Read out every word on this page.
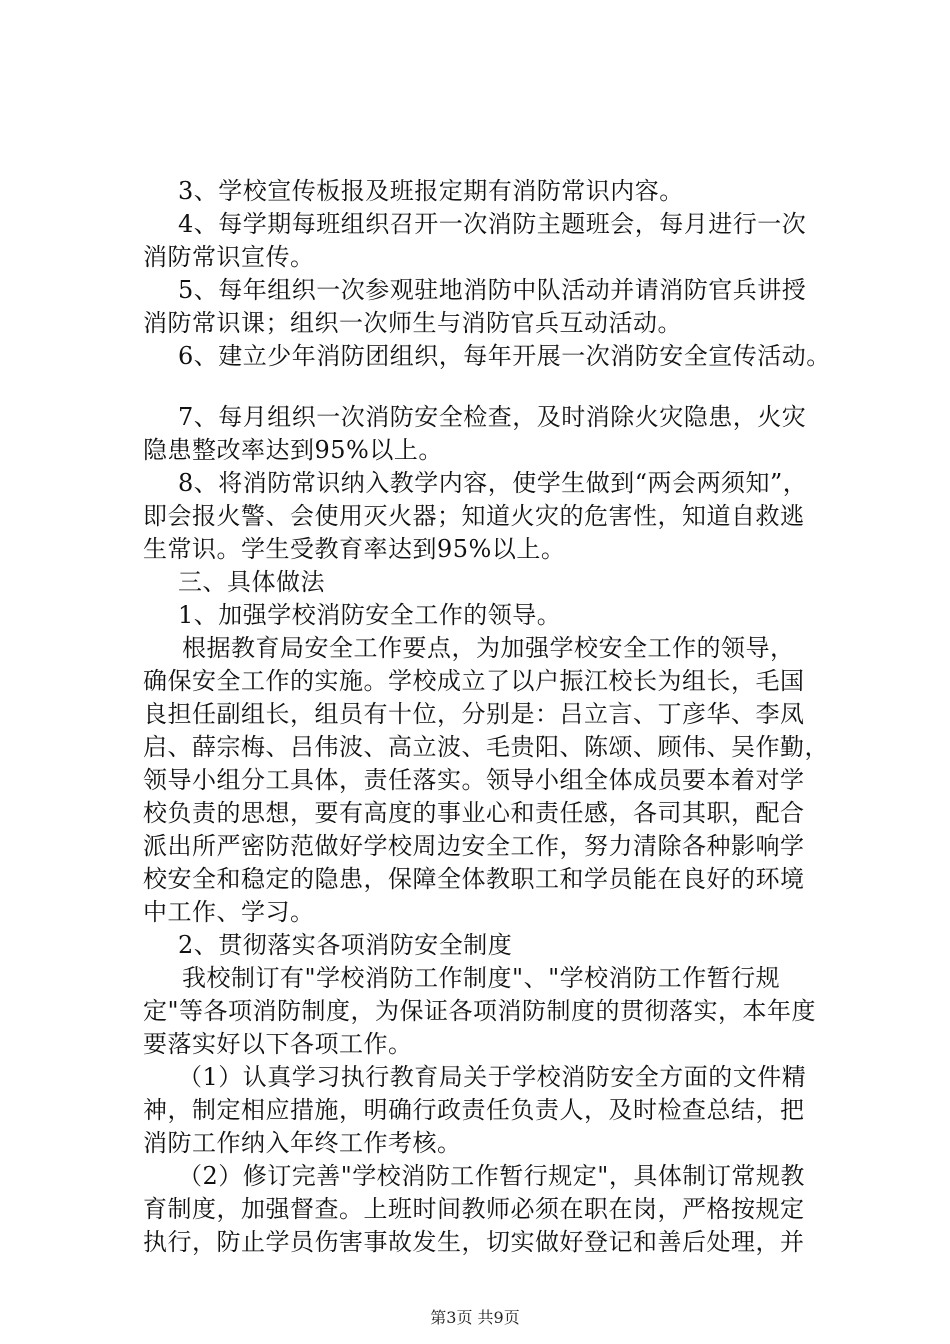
3、学校宣传板报及班报定期有消防常识内容。
4、每学期每班组织召开一次消防主题班会，每月进行一次
消防常识宣传。
5、每年组织一次参观驻地消防中队活动并请消防官兵讲授
消防常识课；组织一次师生与消防官兵互动活动。
6、建立少年消防团组织，每年开展一次消防安全宣传活动。
7、每月组织一次消防安全检查，及时消除火灾隐患，火灾
隐患整改率达到95%以上。
8、将消防常识纳入教学内容，使学生做到“两会两须知”，
即会报火警、会使用灭火器；知道火灾的危害性，知道自救逃
生常识。学生受教育率达到95%以上。
三、具体做法
1、加强学校消防安全工作的领导。
根据教育局安全工作要点，为加强学校安全工作的领导，
确保安全工作的实施。学校成立了以户振江校长为组长，毛国
良担任副组长，组员有十位，分别是：吕立言、丁彦华、李凤
启、薛宗梅、吕伟波、高立波、毛贵阳、陈颂、顾伟、吴作勤，
领导小组分工具体，责任落实。领导小组全体成员要本着对学
校负责的思想，要有高度的事业心和责任感，各司其职，配合
派出所严密防范做好学校周边安全工作，努力清除各种影响学
校安全和稳定的隐患，保障全体教职工和学员能在良好的环境
中工作、学习。
2、贯彻落实各项消防安全制度
我校制订有"学校消防工作制度"、"学校消防工作暂行规
定"等各项消防制度，为保证各项消防制度的贯彻落实，本年度
要落实好以下各项工作。
（1）认真学习执行教育局关于学校消防安全方面的文件精
神，制定相应措施，明确行政责任负责人，及时检查总结，把
消防工作纳入年终工作考核。
（2）修订完善"学校消防工作暂行规定"，具体制订常规教
育制度，加强督查。上班时间教师必须在职在岗，严格按规定
执行，防止学员伤害事故发生，切实做好登记和善后处理，并
第3页 共9页
